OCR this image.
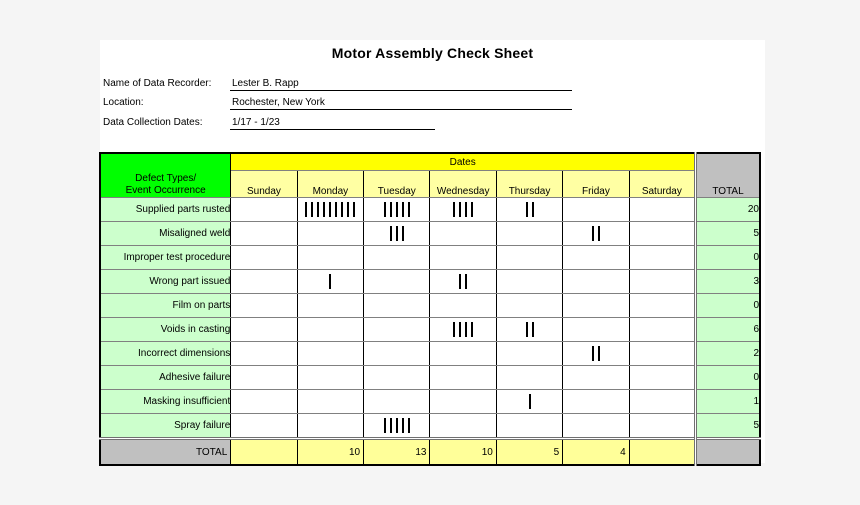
Motor Assembly Check Sheet
Name of Data Recorder:	Lester B. Rapp
Location:	Rochester, New York
Data Collection Dates:	1/17 - 1/23
Defect Types/
Event Occurrence	Dates							TOTAL
	Sunday	Monday	Tuesday	Wednesday	Thursday	Friday	Saturday	
Supplied parts rusted								20
Misaligned weld								5
Improper test procedure								0
Wrong part issued								3
Film on parts								0
Voids in casting								6
Incorrect dimensions								2
Adhesive failure								0
Masking insufficient								1
Spray failure								5
TOTAL		10	13	10	5	4		
